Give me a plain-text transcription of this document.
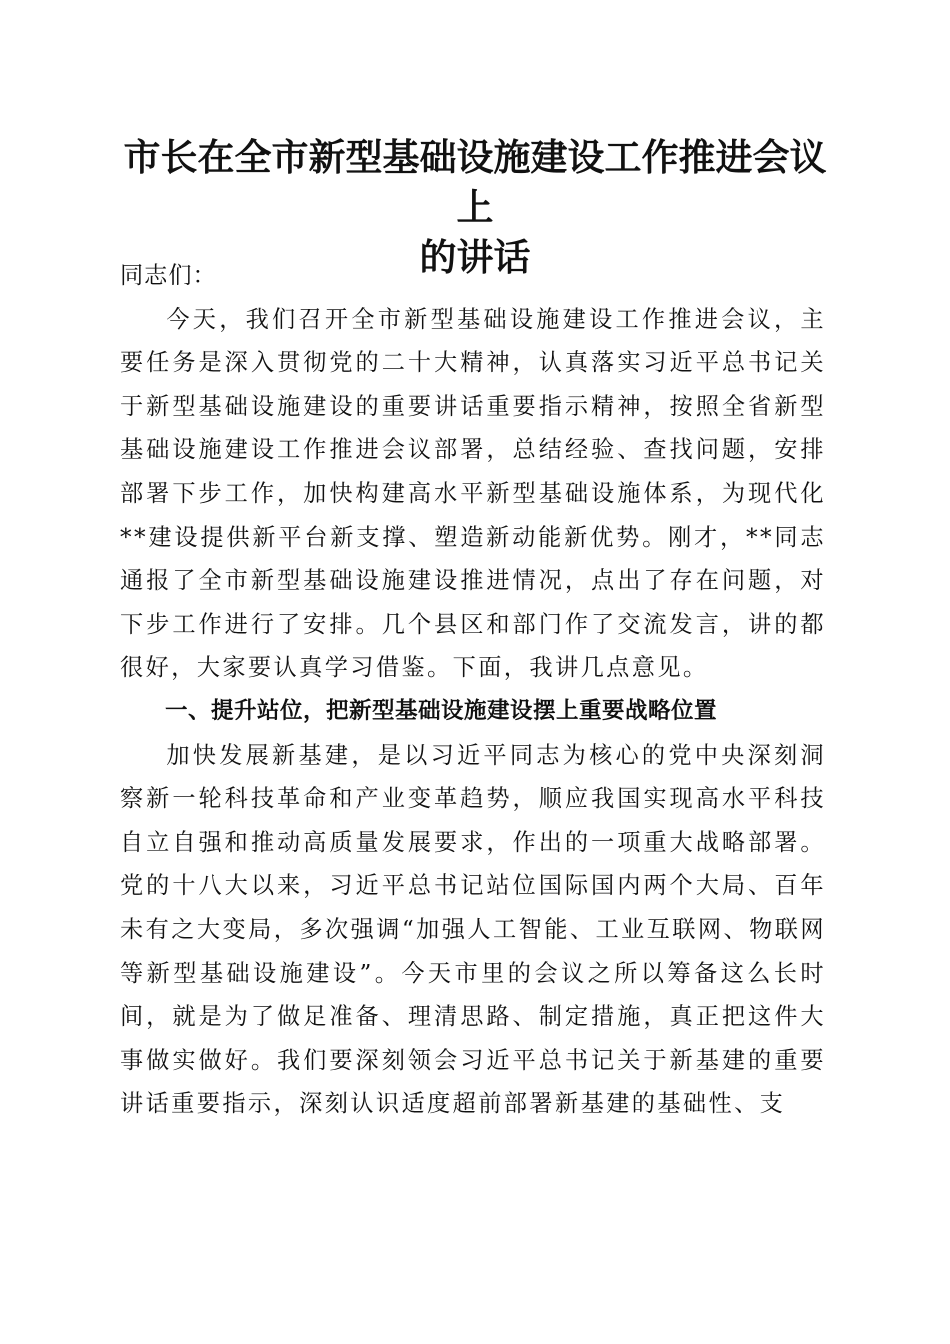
市长在全市新型基础设施建设工作推进会议上
的讲话

同志们：

今天，我们召开全市新型基础设施建设工作推进会议，主要任务是深入贯彻党的二十大精神，认真落实习近平总书记关于新型基础设施建设的重要讲话重要指示精神，按照全省新型基础设施建设工作推进会议部署，总结经验、查找问题，安排部署下步工作，加快构建高水平新型基础设施体系，为现代化**建设提供新平台新支撑、塑造新动能新优势。刚才，**同志通报了全市新型基础设施建设推进情况，点出了存在问题，对下步工作进行了安排。几个县区和部门作了交流发言，讲的都很好，大家要认真学习借鉴。下面，我讲几点意见。

一、提升站位，把新型基础设施建设摆上重要战略位置

加快发展新基建，是以习近平同志为核心的党中央深刻洞察新一轮科技革命和产业变革趋势，顺应我国实现高水平科技自立自强和推动高质量发展要求，作出的一项重大战略部署。党的十八大以来，习近平总书记站位国际国内两个大局、百年未有之大变局，多次强调“加强人工智能、工业互联网、物联网等新型基础设施建设”。今天市里的会议之所以筹备这么长时间，就是为了做足准备、理清思路、制定措施，真正把这件大事做实做好。我们要深刻领会习近平总书记关于新基建的重要讲话重要指示，深刻认识适度超前部署新基建的基础性、支
